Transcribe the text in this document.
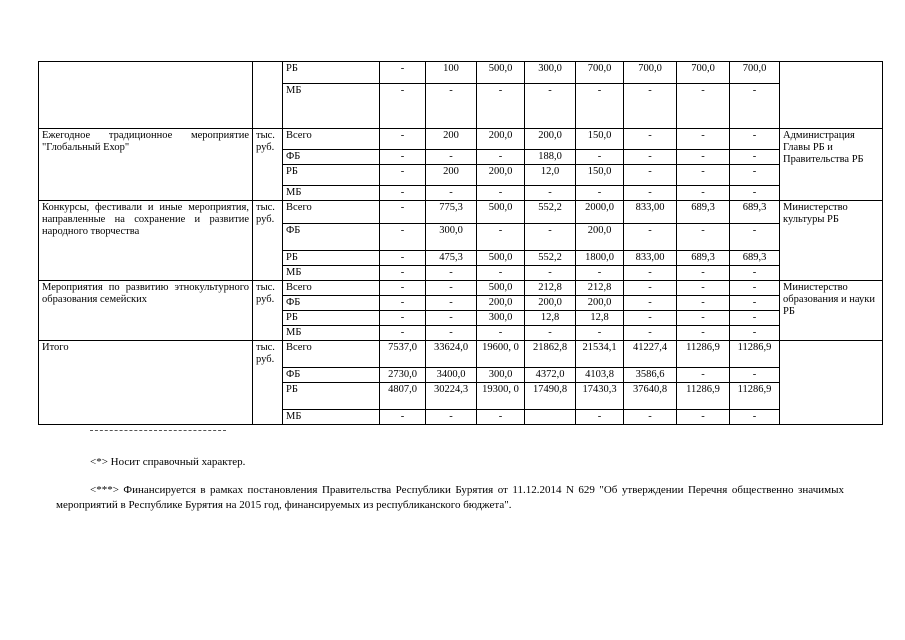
		РБ	-	100	500,0	300,0	700,0	700,0	700,0	700,0	
		МБ	-	-	-	-	-	-	-	-	
Ежегодное традиционное мероприятие "Глобальный Ехор"	тыс. руб.	Всего	-	200	200,0	200,0	150,0	-	-	-	Администрация Главы РБ и Правительства РБ
		ФБ	-	-	-	188,0	-	-	-	-	
		РБ	-	200	200,0	12,0	150,0	-	-	-	
		МБ	-	-	-	-	-	-	-	-	
Конкурсы, фестивали и иные мероприятия, направленные на сохранение и развитие народного творчества	тыс. руб.	Всего	-	775,3	500,0	552,2	2000,0	833,00	689,3	689,3	Министерство культуры РБ
		ФБ	-	300,0	-	-	200,0	-	-	-	
		РБ	-	475,3	500,0	552,2	1800,0	833,00	689,3	689,3	
		МБ	-	-	-	-	-	-	-	-	
Мероприятия по развитию этнокультурного образования семейских	тыс. руб.	Всего	-	-	500,0	212,8	212,8	-	-	-	Министерство образования и науки РБ
		ФБ	-	-	200,0	200,0	200,0	-	-	-	
		РБ	-	-	300,0	12,8	12,8	-	-	-	
		МБ	-	-	-	-	-	-	-	-	
Итого	тыс. руб.	Всего	7537,0	33624,0	19600, 0	21862,8	21534,1	41227,4	11286,9	11286,9	
		ФБ	2730,0	3400,0	300,0	4372,0	4103,8	3586,6	-	-	
		РБ	4807,0	30224,3	19300, 0	17490,8	17430,3	37640,8	11286,9	11286,9	
		МБ	-	-	-		-	-	-	-	
<*> Носит справочный характер.
<***> Финансируется в рамках постановления Правительства Республики Бурятия от 11.12.2014 N 629 "Об утверждении Перечня общественно значимых мероприятий в Республике Бурятия на 2015 год, финансируемых из республиканского бюджета".
